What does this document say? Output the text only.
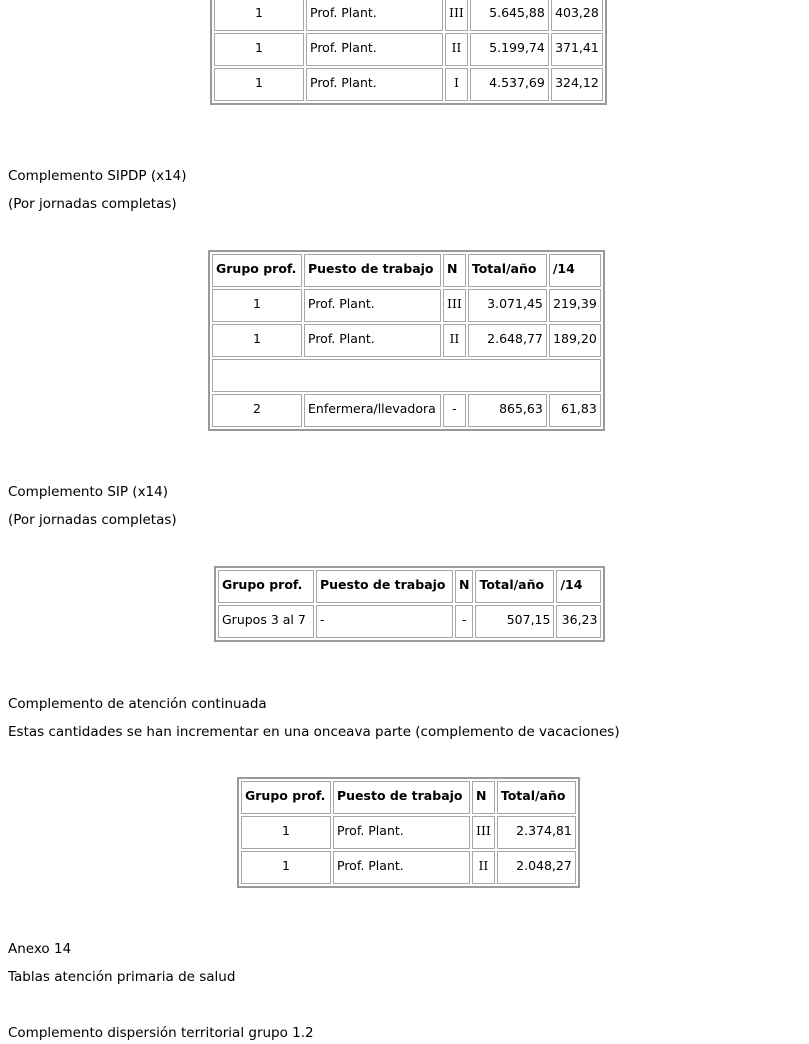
1	Prof. Plant.	III	5.645,88	403,28
1	Prof. Plant.	II	5.199,74	371,41
1	Prof. Plant.	I	4.537,69	324,12

Complemento SIPDP (x14)

(Por jornadas completas)

Grupo prof.	Puesto de trabajo	N	Total/año	/14
1	Prof. Plant.	III	3.071,45	219,39
1	Prof. Plant.	II	2.648,77	189,20

2	Enfermera/llevadora	-	865,63	61,83

Complemento SIP (x14)

(Por jornadas completas)

Grupo prof.	Puesto de trabajo	N	Total/año	/14
Grupos 3 al 7	-	-	507,15	36,23

Complemento de atención continuada

Estas cantidades se han incrementar en una onceava parte (complemento de vacaciones)

Grupo prof.	Puesto de trabajo	N	Total/año
1	Prof. Plant.	III	2.374,81
1	Prof. Plant.	II	2.048,27

Anexo 14

Tablas atención primaria de salud

Complemento dispersión territorial grupo 1.2
